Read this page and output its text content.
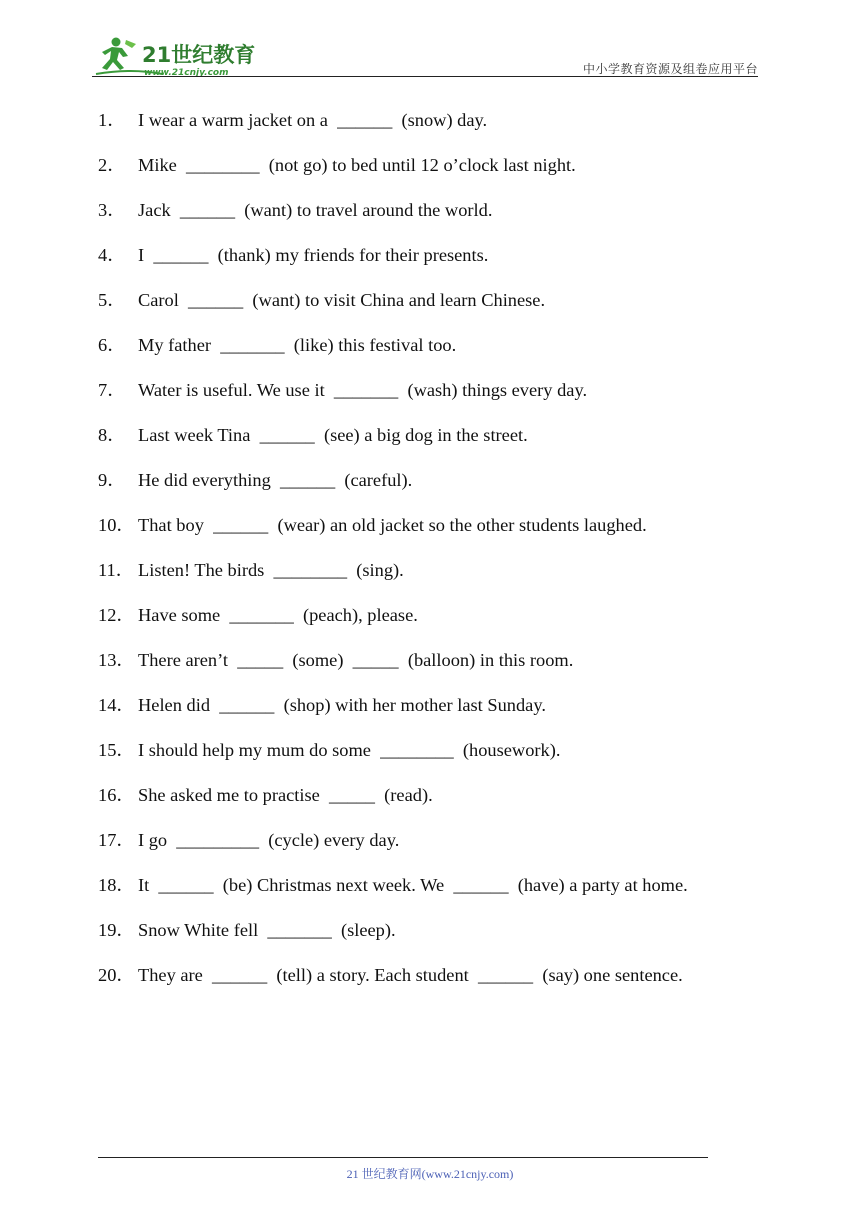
21世纪教育
www.21cnjy.com	中小学教育资源及组卷应用平台
1． I wear a warm jacket on a  ______  (snow) day.
2． Mike  ________  (not go) to bed until 12 o’clock last night.
3． Jack  ______  (want) to travel around the world.
4． I  ______  (thank) my friends for their presents.
5． Carol  ______  (want) to visit China and learn Chinese.
6． My father  _______  (like) this festival too.
7． Water is useful. We use it  _______  (wash) things every day.
8． Last week Tina  ______  (see) a big dog in the street.
9． He did everything  ______  (careful).
10． That boy  ______  (wear) an old jacket so the other students laughed.
11． Listen! The birds  ________  (sing).
12． Have some  _______  (peach), please.
13． There aren’t  _____  (some)  _____  (balloon) in this room.
14． Helen did  ______  (shop) with her mother last Sunday.
15． I should help my mum do some  ________  (housework).
16． She asked me to practise  _____  (read).
17． I go  _________  (cycle) every day.
18． It  ______  (be) Christmas next week. We  ______  (have) a party at home.
19． Snow White fell  _______  (sleep).
20． They are  ______  (tell) a story. Each student  ______  (say) one sentence.
21 世纪教育网(www.21cnjy.com)
